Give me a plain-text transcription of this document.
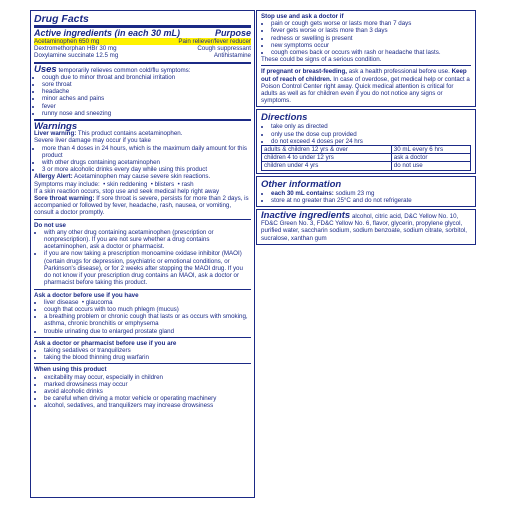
Drug Facts
Active ingredients (in each 30 mL)	Purpose
Acetaminophen 650 mg	Pain reliever/fever reducer
Dextromethorphan HBr 30 mg	Cough suppressant
Doxylamine succinate 12.5 mg	Antihistamine
Uses temporarily relieves common cold/flu symptoms:
• cough due to minor throat and bronchial irritation
• sore throat
• headache
• minor aches and pains
• fever
• runny nose and sneezing
Warnings
Liver warning: This product contains acetaminophen.
Severe liver damage may occur if you take
• more than 4 doses in 24 hours, which is the maximum daily amount for this product
• with other drugs containing acetaminophen
• 3 or more alcoholic drinks every day while using this product
Allergy Alert: Acetaminophen may cause severe skin reactions.
Symptoms may include:  • skin reddening  • blisters  • rash
If a skin reaction occurs, stop use and seek medical help right away
Sore throat warning: If sore throat is severe, persists for more than 2 days, is accompanied or followed by fever, headache, rash, nausea, or vomiting, consult a doctor promptly.
Do not use
• with any other drug containing acetaminophen (prescription or nonprescription). If you are not sure whether a drug contains acetaminophen, ask a doctor or pharmacist.
• if you are now taking a prescription monoamine oxidase inhibitor (MAOI) (certain drugs for depression, psychiatric or emotional conditions, or Parkinson's disease), or for 2 weeks after stopping the MAOI drug. If you do not know if your prescription drug contains an MAOI, ask a doctor or pharmacist before taking this product.
Ask a doctor before use if you have
• liver disease  • glaucoma
• cough that occurs with too much phlegm (mucus)
• a breathing problem or chronic cough that lasts or as occurs with smoking, asthma, chronic bronchitis or emphysema
• trouble urinating due to enlarged prostate gland
Ask a doctor or pharmacist before use if you are
• taking sedatives or tranquilizers
• taking the blood thinning drug warfarin
When using this product
• excitability may occur, especially in children
• marked drowsiness may occur
• avoid alcoholic drinks
• be careful when driving a motor vehicle or operating machinery
• alcohol, sedatives, and tranquilizers may increase drowsiness
Stop use and ask a doctor if
• pain or cough gets worse or lasts more than 7 days
• fever gets worse or lasts more than 3 days
• redness or swelling is present
• new symptoms occur
• cough comes back or occurs with rash or headache that lasts.
These could be signs of a serious condition.
If pregnant or breast-feeding, ask a health professional before use. Keep out of reach of children. In case of overdose, get medical help or contact a Poison Control Center right away. Quick medical attention is critical for adults as well as for children even if you do not notice any signs or symptoms.
Directions
• take only as directed
• only use the dose cup provided
• do not exceed 4 doses per 24 hrs
adults & children 12 yrs & over	30 mL every 6 hrs
children 4 to under 12 yrs	ask a doctor
children under 4 yrs	do not use
Other information
• each 30 mL contains: sodium 23 mg
• store at no greater than 25°C and do not refrigerate
Inactive ingredients alcohol, citric acid, D&C Yellow No. 10, FD&C Green No. 3, FD&C Yellow No. 6, flavor, glycerin, propylene glycol, purified water, saccharin sodium, sodium benzoate, sodium citrate, sorbitol, sucralose, xanthan gum
